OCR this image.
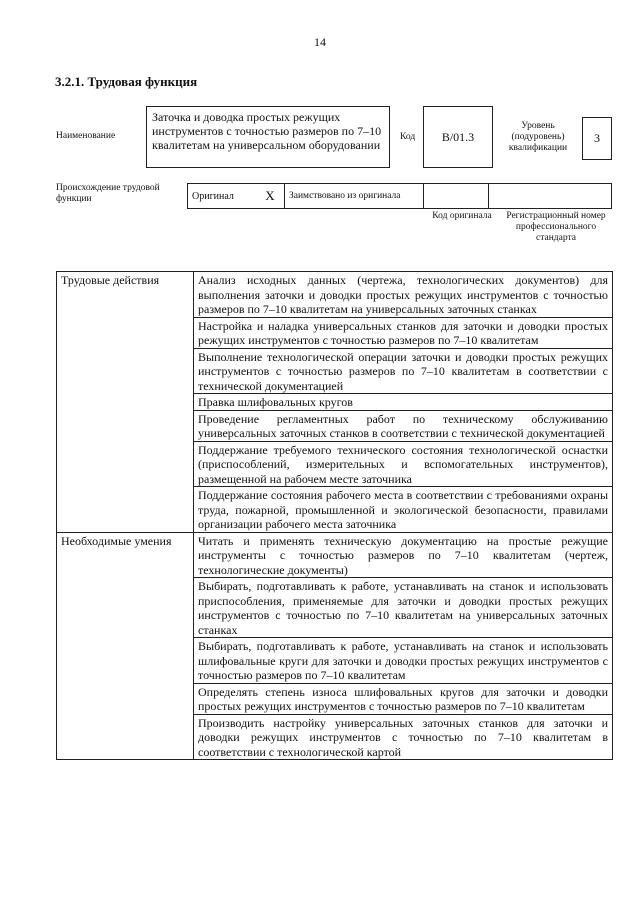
14
3.2.1. Трудовая функция
Наименование
Заточка и доводка простых режущих инструментов с точностью размеров по 7–10 квалитетам на универсальном оборудовании
Код	B/01.3
Уровень (подуровень) квалификации
3
Происхождение трудовой функции	Оригинал	X	Заимствовано из оригинала		
Код оригинала	Регистрационный номер профессионального стандарта
Трудовые действия	Анализ исходных данных (чертежа, технологических документов) для выполнения заточки и доводки простых режущих инструментов с точностью размеров по 7–10 квалитетам на универсальных заточных станках
	Настройка и наладка универсальных станков для заточки и доводки простых режущих инструментов с точностью размеров по 7–10 квалитетам
	Выполнение технологической операции заточки и доводки простых режущих инструментов с точностью размеров по 7–10 квалитетам в соответствии с технической документацией
	Правка шлифовальных кругов
	Проведение регламентных работ по техническому обслуживанию универсальных заточных станков в соответствии с технической документацией
	Поддержание требуемого технического состояния технологической оснастки (приспособлений, измерительных и вспомогательных инструментов), размещенной на рабочем месте заточника
	Поддержание состояния рабочего места в соответствии с требованиями охраны труда, пожарной, промышленной и экологической безопасности, правилами организации рабочего места заточника
Необходимые умения	Читать и применять техническую документацию на простые режущие инструменты с точностью размеров по 7–10 квалитетам (чертеж, технологические документы)
	Выбирать, подготавливать к работе, устанавливать на станок и использовать приспособления, применяемые для заточки и доводки простых режущих инструментов с точностью по 7–10 квалитетам на универсальных заточных станках
	Выбирать, подготавливать к работе, устанавливать на станок и использовать шлифовальные круги для заточки и доводки простых режущих инструментов с точностью размеров по 7–10 квалитетам
	Определять степень износа шлифовальных кругов для заточки и доводки простых режущих инструментов с точностью размеров по 7–10 квалитетам
	Производить настройку универсальных заточных станков для заточки и доводки режущих инструментов с точностью по 7–10 квалитетам в соответствии с технологической картой
